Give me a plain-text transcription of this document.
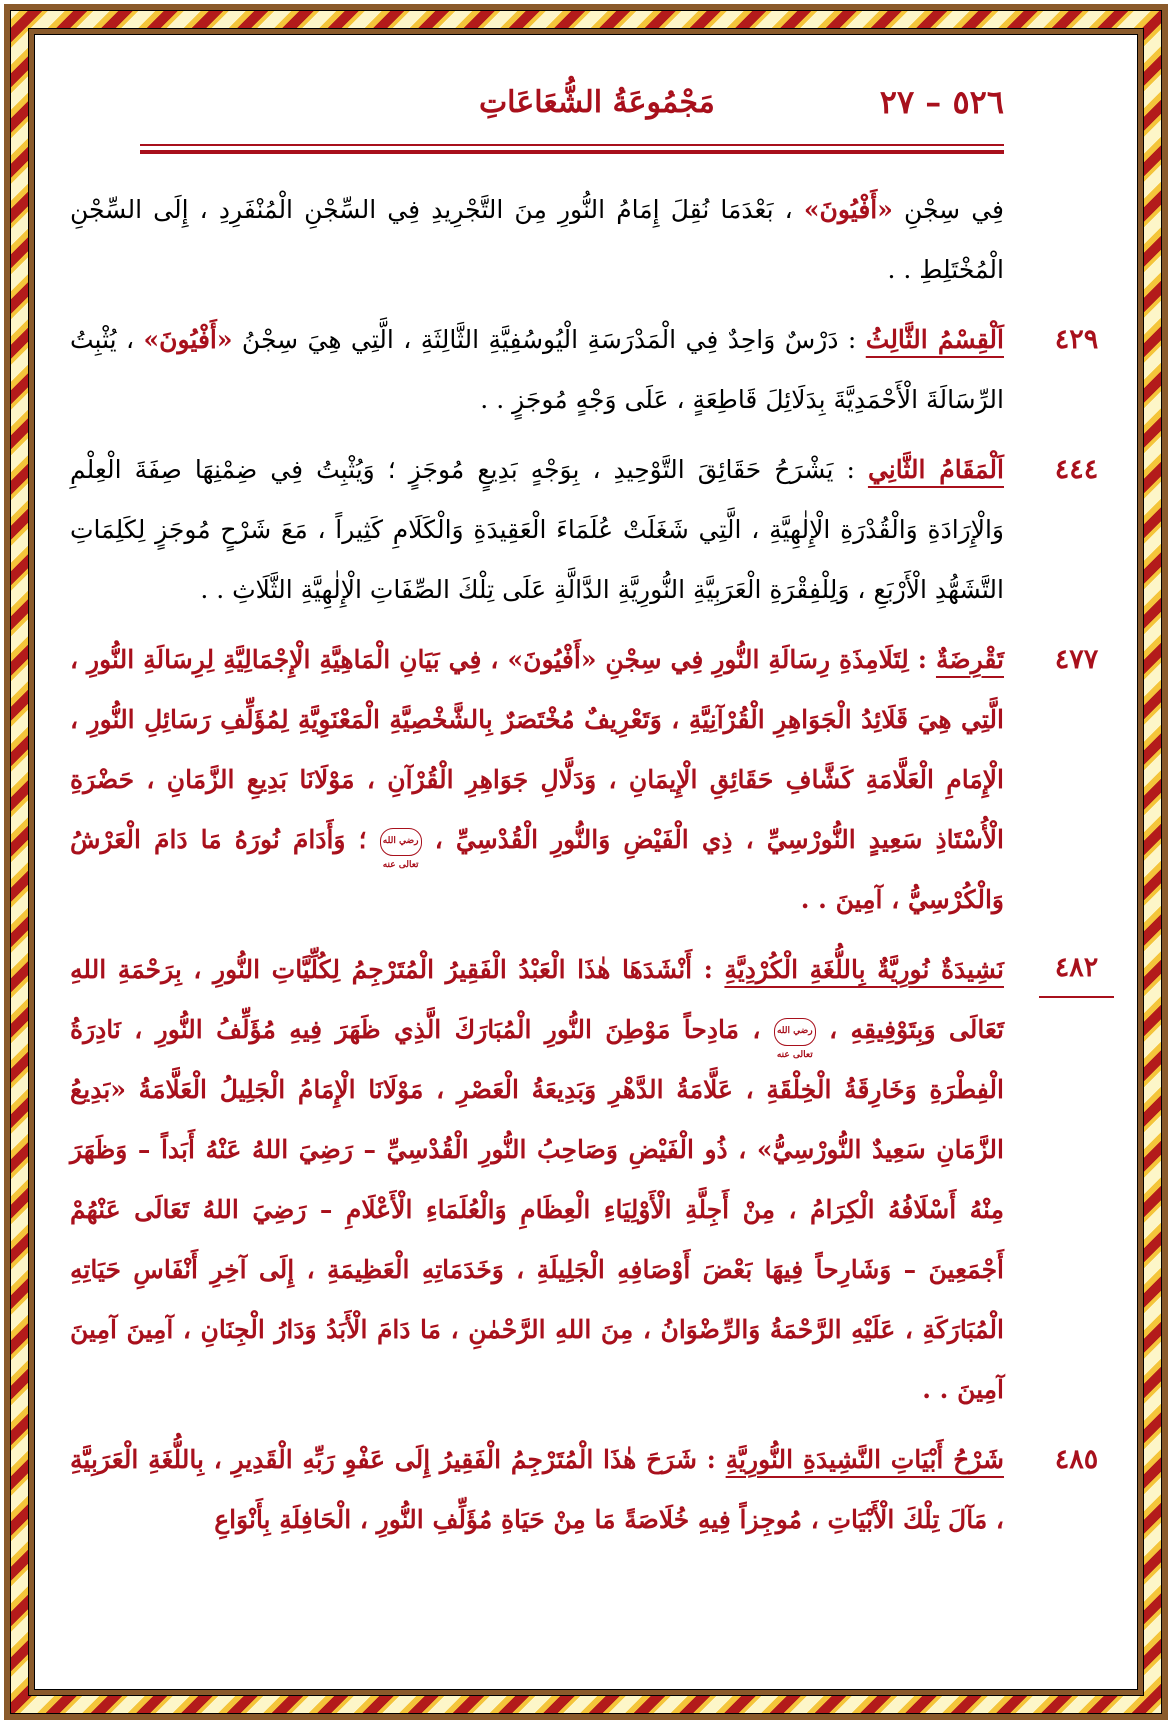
٥٢٦ – ٢٧
مَجْمُوعَةُ الشُّعَاعَاتِ
فِي سِجْنِ «أَفْيُونَ» ، بَعْدَمَا نُقِلَ إِمَامُ النُّورِ مِنَ التَّجْرِيدِ فِي السِّجْنِ الْمُنْفَرِدِ ، إِلَى السِّجْنِ الْمُخْتَلِطِ . .
٤٢٩
اَلْقِسْمُ الثَّالِثُ : دَرْسٌ وَاحِدٌ فِي الْمَدْرَسَةِ الْيُوسُفِيَّةِ الثَّالِثَةِ ، الَّتِي هِيَ سِجْنُ «أَفْيُونَ» ، يُثْبِتُ الرِّسَالَةَ الْأَحْمَدِيَّةَ بِدَلَائِلَ قَاطِعَةٍ ، عَلَى وَجْهٍ مُوجَزٍ . .
٤٤٤
اَلْمَقَامُ الثَّانِي : يَشْرَحُ حَقَائِقَ التَّوْحِيدِ ، بِوَجْهٍ بَدِيعٍ مُوجَزٍ ؛ وَيُثْبِتُ فِي ضِمْنِهَا صِفَةَ الْعِلْمِ وَالْإِرَادَةِ وَالْقُدْرَةِ الْإِلٰهِيَّةِ ، الَّتِي شَغَلَتْ عُلَمَاءَ الْعَقِيدَةِ وَالْكَلَامِ كَثِيراً ، مَعَ شَرْحٍ مُوجَزٍ لِكَلِمَاتِ التَّشَهُّدِ الْأَرْبَعِ ، وَلِلْفِقْرَةِ الْعَرَبِيَّةِ النُّورِيَّةِ الدَّالَّةِ عَلَى تِلْكَ الصِّفَاتِ الْإِلٰهِيَّةِ الثَّلَاثِ . .
٤٧٧
تَقْرِضَةٌ : لِتَلَامِذَةِ رِسَالَةِ النُّورِ فِي سِجْنِ «أَفْيُونَ» ، فِي بَيَانِ الْمَاهِيَّةِ الْإِجْمَالِيَّةِ لِرِسَالَةِ النُّورِ ، الَّتِي هِيَ قَلَائِدُ الْجَوَاهِرِ الْقُرْآنِيَّةِ ، وَتَعْرِيفٌ مُخْتَصَرٌ بِالشَّخْصِيَّةِ الْمَعْنَوِيَّةِ لِمُؤَلِّفِ رَسَائِلِ النُّورِ ، الْإِمَامِ الْعَلَّامَةِ كَشَّافِ حَقَائِقِ الْإِيمَانِ ، وَدَلَّالِ جَوَاهِرِ الْقُرْآنِ ، مَوْلَانَا بَدِيعِ الزَّمَانِ ، حَضْرَةِ الْأُسْتَاذِ سَعِيدٍ النُّورْسِيِّ ، ذِي الْفَيْضِ وَالنُّورِ الْقُدْسِيِّ ، رضي الله تعالى عنه ؛ وَأَدَامَ نُورَهُ مَا دَامَ الْعَرْشُ وَالْكُرْسِيُّ ، آمِينَ . .
٤٨٢
نَشِيدَةٌ نُورِيَّةٌ بِاللُّغَةِ الْكُرْدِيَّةِ : أَنْشَدَهَا هٰذَا الْعَبْدُ الْفَقِيرُ الْمُتَرْجِمُ لِكُلِّيَّاتِ النُّورِ ، بِرَحْمَةِ اللهِ تَعَالَى وَبِتَوْفِيقِهِ ، رضي الله تعالى عنه ، مَادِحاً مَوْطِنَ النُّورِ الْمُبَارَكَ الَّذِي ظَهَرَ فِيهِ مُؤَلِّفُ النُّورِ ، نَادِرَةُ الْفِطْرَةِ وَخَارِقَةُ الْخِلْقَةِ ، عَلَّامَةُ الدَّهْرِ وَبَدِيعَةُ الْعَصْرِ ، مَوْلَانَا الْإِمَامُ الْجَلِيلُ الْعَلَّامَةُ «بَدِيعُ الزَّمَانِ سَعِيدٌ النُّورْسِيُّ» ، ذُو الْفَيْضِ وَصَاحِبُ النُّورِ الْقُدْسِيِّ – رَضِيَ اللهُ عَنْهُ أَبَداً – وَظَهَرَ مِنْهُ أَسْلَافُهُ الْكِرَامُ ، مِنْ أَجِلَّةِ الْأَوْلِيَاءِ الْعِظَامِ وَالْعُلَمَاءِ الْأَعْلَامِ – رَضِيَ اللهُ تَعَالَى عَنْهُمْ أَجْمَعِينَ – وَشَارِحاً فِيهَا بَعْضَ أَوْصَافِهِ الْجَلِيلَةِ ، وَخَدَمَاتِهِ الْعَظِيمَةِ ، إِلَى آخِرِ أَنْفَاسِ حَيَاتِهِ الْمُبَارَكَةِ ، عَلَيْهِ الرَّحْمَةُ وَالرِّضْوَانُ ، مِنَ اللهِ الرَّحْمٰنِ ، مَا دَامَ الْأَبَدُ وَدَارُ الْجِنَانِ ، آمِينَ آمِينَ آمِينَ . .
٤٨٥
شَرْحُ أَبْيَاتِ النَّشِيدَةِ النُّورِيَّةِ : شَرَحَ هٰذَا الْمُتَرْجِمُ الْفَقِيرُ إِلَى عَفْوِ رَبِّهِ الْقَدِيرِ ، بِاللُّغَةِ الْعَرَبِيَّةِ ، مَآلَ تِلْكَ الْأَبْيَاتِ ، مُوجِزاً فِيهِ خُلَاصَةً مَا مِنْ حَيَاةِ مُؤَلِّفِ النُّورِ ، الْحَافِلَةِ بِأَنْوَاعِ
